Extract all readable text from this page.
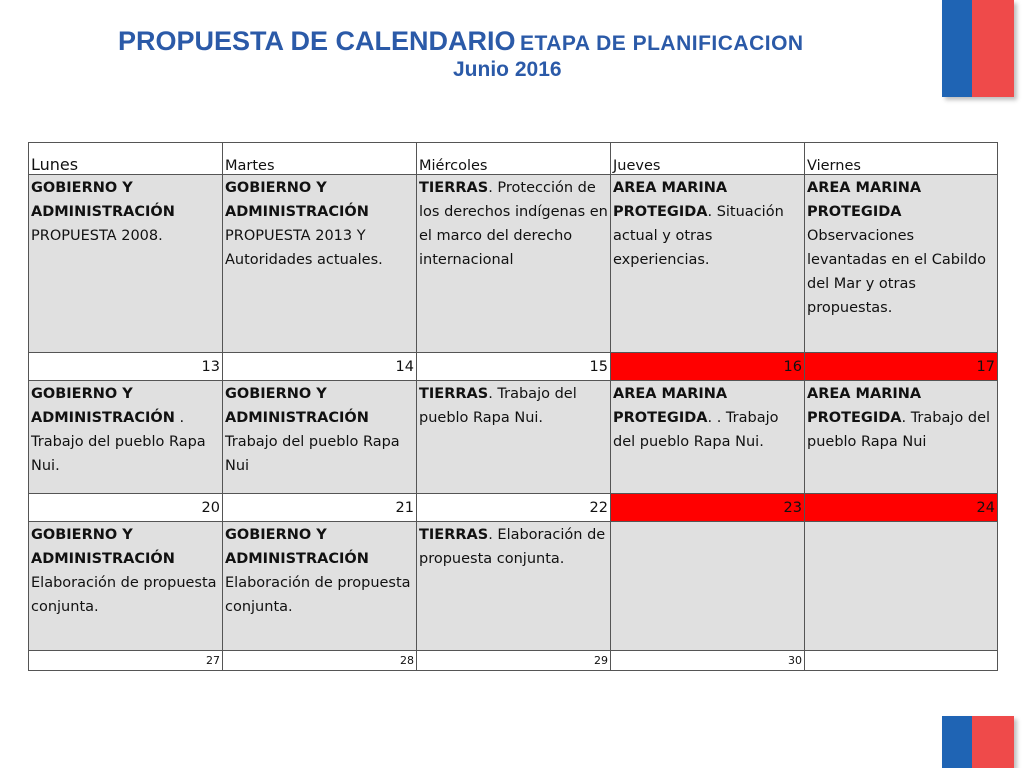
PROPUESTA DE CALENDARIO ETAPA DE PLANIFICACION
Junio 2016
Lunes	Martes	Miércoles	Jueves	Viernes
GOBIERNO Y ADMINISTRACIÓN PROPUESTA 2008.	GOBIERNO Y ADMINISTRACIÓN PROPUESTA 2013 Y Autoridades actuales.	TIERRAS. Protección de los derechos indígenas en el marco del derecho internacional	AREA MARINA PROTEGIDA. Situación actual y otras experiencias.	AREA MARINA PROTEGIDA Observaciones levantadas en el Cabildo del Mar y otras propuestas.
13	14	15	16	17
GOBIERNO Y ADMINISTRACIÓN . Trabajo del pueblo Rapa Nui.	GOBIERNO Y ADMINISTRACIÓN Trabajo del pueblo Rapa Nui	TIERRAS. Trabajo del pueblo Rapa Nui.	AREA MARINA PROTEGIDA. . Trabajo del pueblo Rapa Nui.	AREA MARINA PROTEGIDA. Trabajo del pueblo Rapa Nui
20	21	22	23	24
GOBIERNO Y ADMINISTRACIÓN Elaboración de propuesta conjunta.	GOBIERNO Y ADMINISTRACIÓN Elaboración de propuesta conjunta.	TIERRAS. Elaboración de propuesta conjunta.		
27	28	29	30	
